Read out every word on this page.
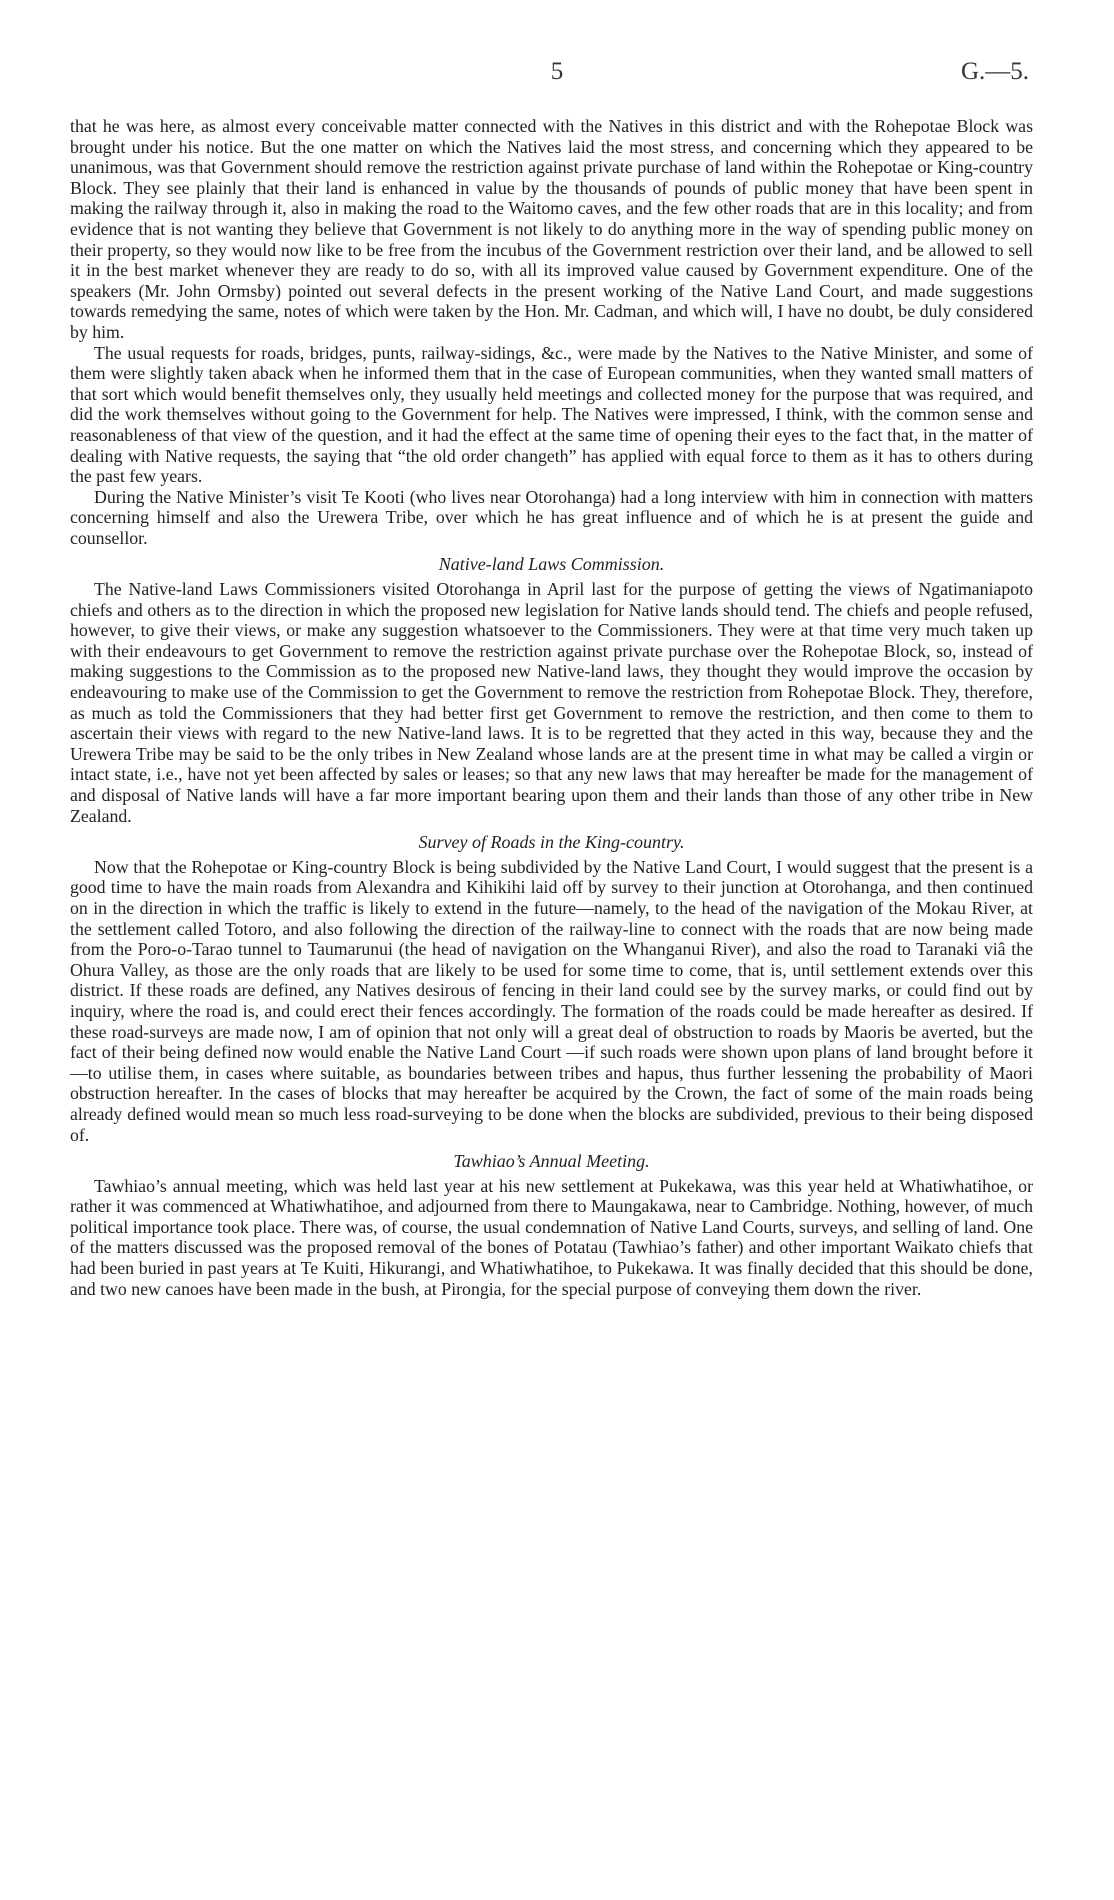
5	G.—5.

that he was here, as almost every conceivable matter connected with the Natives in this district and with the Rohepotae Block was brought under his notice. But the one matter on which the Natives laid the most stress, and concerning which they appeared to be unanimous, was that Government should remove the restriction against private purchase of land within the Rohepotae or King-country Block. They see plainly that their land is enhanced in value by the thousands of pounds of public money that have been spent in making the railway through it, also in making the road to the Waitomo caves, and the few other roads that are in this locality; and from evidence that is not wanting they believe that Government is not likely to do anything more in the way of spending public money on their property, so they would now like to be free from the incubus of the Government restriction over their land, and be allowed to sell it in the best market whenever they are ready to do so, with all its improved value caused by Government expenditure. One of the speakers (Mr. John Ormsby) pointed out several defects in the present working of the Native Land Court, and made suggestions towards remedying the same, notes of which were taken by the Hon. Mr. Cadman, and which will, I have no doubt, be duly considered by him.

The usual requests for roads, bridges, punts, railway-sidings, &c., were made by the Natives to the Native Minister, and some of them were slightly taken aback when he informed them that in the case of European communities, when they wanted small matters of that sort which would benefit themselves only, they usually held meetings and collected money for the purpose that was required, and did the work themselves without going to the Government for help. The Natives were impressed, I think, with the common sense and reasonableness of that view of the question, and it had the effect at the same time of opening their eyes to the fact that, in the matter of dealing with Native requests, the saying that “the old order changeth” has applied with equal force to them as it has to others during the past few years.

During the Native Minister’s visit Te Kooti (who lives near Otorohanga) had a long interview with him in connection with matters concerning himself and also the Urewera Tribe, over which he has great influence and of which he is at present the guide and counsellor.

Native-land Laws Commission.

The Native-land Laws Commissioners visited Otorohanga in April last for the purpose of getting the views of Ngatimaniapoto chiefs and others as to the direction in which the proposed new legislation for Native lands should tend. The chiefs and people refused, however, to give their views, or make any suggestion whatsoever to the Commissioners. They were at that time very much taken up with their endeavours to get Government to remove the restriction against private purchase over the Rohepotae Block, so, instead of making suggestions to the Commission as to the proposed new Native-land laws, they thought they would improve the occasion by endeavouring to make use of the Commission to get the Government to remove the restriction from Rohepotae Block. They, therefore, as much as told the Commissioners that they had better first get Government to remove the restriction, and then come to them to ascertain their views with regard to the new Native-land laws. It is to be regretted that they acted in this way, because they and the Urewera Tribe may be said to be the only tribes in New Zealand whose lands are at the present time in what may be called a virgin or intact state, i.e., have not yet been affected by sales or leases; so that any new laws that may hereafter be made for the management of and disposal of Native lands will have a far more important bearing upon them and their lands than those of any other tribe in New Zealand.

Survey of Roads in the King-country.

Now that the Rohepotae or King-country Block is being subdivided by the Native Land Court, I would suggest that the present is a good time to have the main roads from Alexandra and Kihikihi laid off by survey to their junction at Otorohanga, and then continued on in the direction in which the traffic is likely to extend in the future—namely, to the head of the navigation of the Mokau River, at the settlement called Totoro, and also following the direction of the railway-line to connect with the roads that are now being made from the Poro-o-Tarao tunnel to Taumarunui (the head of navigation on the Whanganui River), and also the road to Taranaki viâ the Ohura Valley, as those are the only roads that are likely to be used for some time to come, that is, until settlement extends over this district. If these roads are defined, any Natives desirous of fencing in their land could see by the survey marks, or could find out by inquiry, where the road is, and could erect their fences accordingly. The formation of the roads could be made hereafter as desired. If these road-surveys are made now, I am of opinion that not only will a great deal of obstruction to roads by Maoris be averted, but the fact of their being defined now would enable the Native Land Court —if such roads were shown upon plans of land brought before it—to utilise them, in cases where suitable, as boundaries between tribes and hapus, thus further lessening the probability of Maori obstruction hereafter. In the cases of blocks that may hereafter be acquired by the Crown, the fact of some of the main roads being already defined would mean so much less road-surveying to be done when the blocks are subdivided, previous to their being disposed of.

Tawhiao’s Annual Meeting.

Tawhiao’s annual meeting, which was held last year at his new settlement at Pukekawa, was this year held at Whatiwhatihoe, or rather it was commenced at Whatiwhatihoe, and adjourned from there to Maungakawa, near to Cambridge. Nothing, however, of much political importance took place. There was, of course, the usual condemnation of Native Land Courts, surveys, and selling of land. One of the matters discussed was the proposed removal of the bones of Potatau (Tawhiao’s father) and other important Waikato chiefs that had been buried in past years at Te Kuiti, Hikurangi, and Whatiwhatihoe, to Pukekawa. It was finally decided that this should be done, and two new canoes have been made in the bush, at Pirongia, for the special purpose of conveying them down the river.
